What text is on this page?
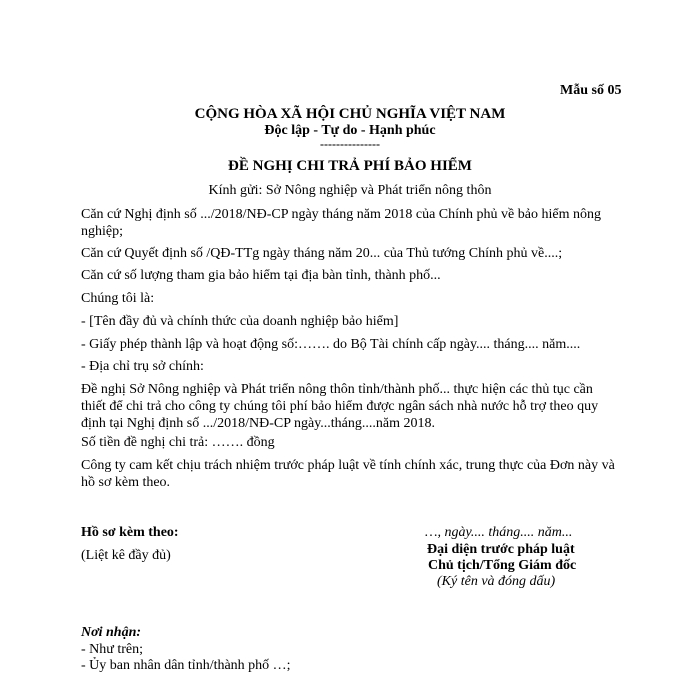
Mẫu số 05
CỘNG HÒA XÃ HỘI CHỦ NGHĨA VIỆT NAM
Độc lập - Tự do - Hạnh phúc
---------------
ĐỀ NGHỊ CHI TRẢ PHÍ BẢO HIỂM
Kính gửi: Sở Nông nghiệp và Phát triển nông thôn
Căn cứ Nghị định số .../2018/NĐ-CP ngày tháng năm 2018 của Chính phủ về bảo hiểm nông nghiệp;
Căn cứ Quyết định số /QĐ-TTg ngày tháng năm 20... của Thủ tướng Chính phủ về....;
Căn cứ số lượng tham gia bảo hiểm tại địa bàn tỉnh, thành phố...
Chúng tôi là:
- [Tên đầy đủ và chính thức của doanh nghiệp bảo hiểm]
- Giấy phép thành lập và hoạt động số:……. do Bộ Tài chính cấp ngày.... tháng.... năm....
- Địa chỉ trụ sở chính:
Đề nghị Sở Nông nghiệp và Phát triển nông thôn tỉnh/thành phố... thực hiện các thủ tục cần thiết để chi trả cho công ty chúng tôi phí bảo hiểm được ngân sách nhà nước hỗ trợ theo quy định tại Nghị định số .../2018/NĐ-CP ngày...tháng....năm 2018.
Số tiền đề nghị chi trả: ……. đồng
Công ty cam kết chịu trách nhiệm trước pháp luật về tính chính xác, trung thực của Đơn này và hồ sơ kèm theo.
Hồ sơ kèm theo:
(Liệt kê đầy đủ)
…, ngày.... tháng.... năm...
Đại diện trước pháp luật
Chủ tịch/Tổng Giám đốc
(Ký tên và đóng dấu)
Nơi nhận:
- Như trên;
- Ủy ban nhân dân tỉnh/thành phố …;
